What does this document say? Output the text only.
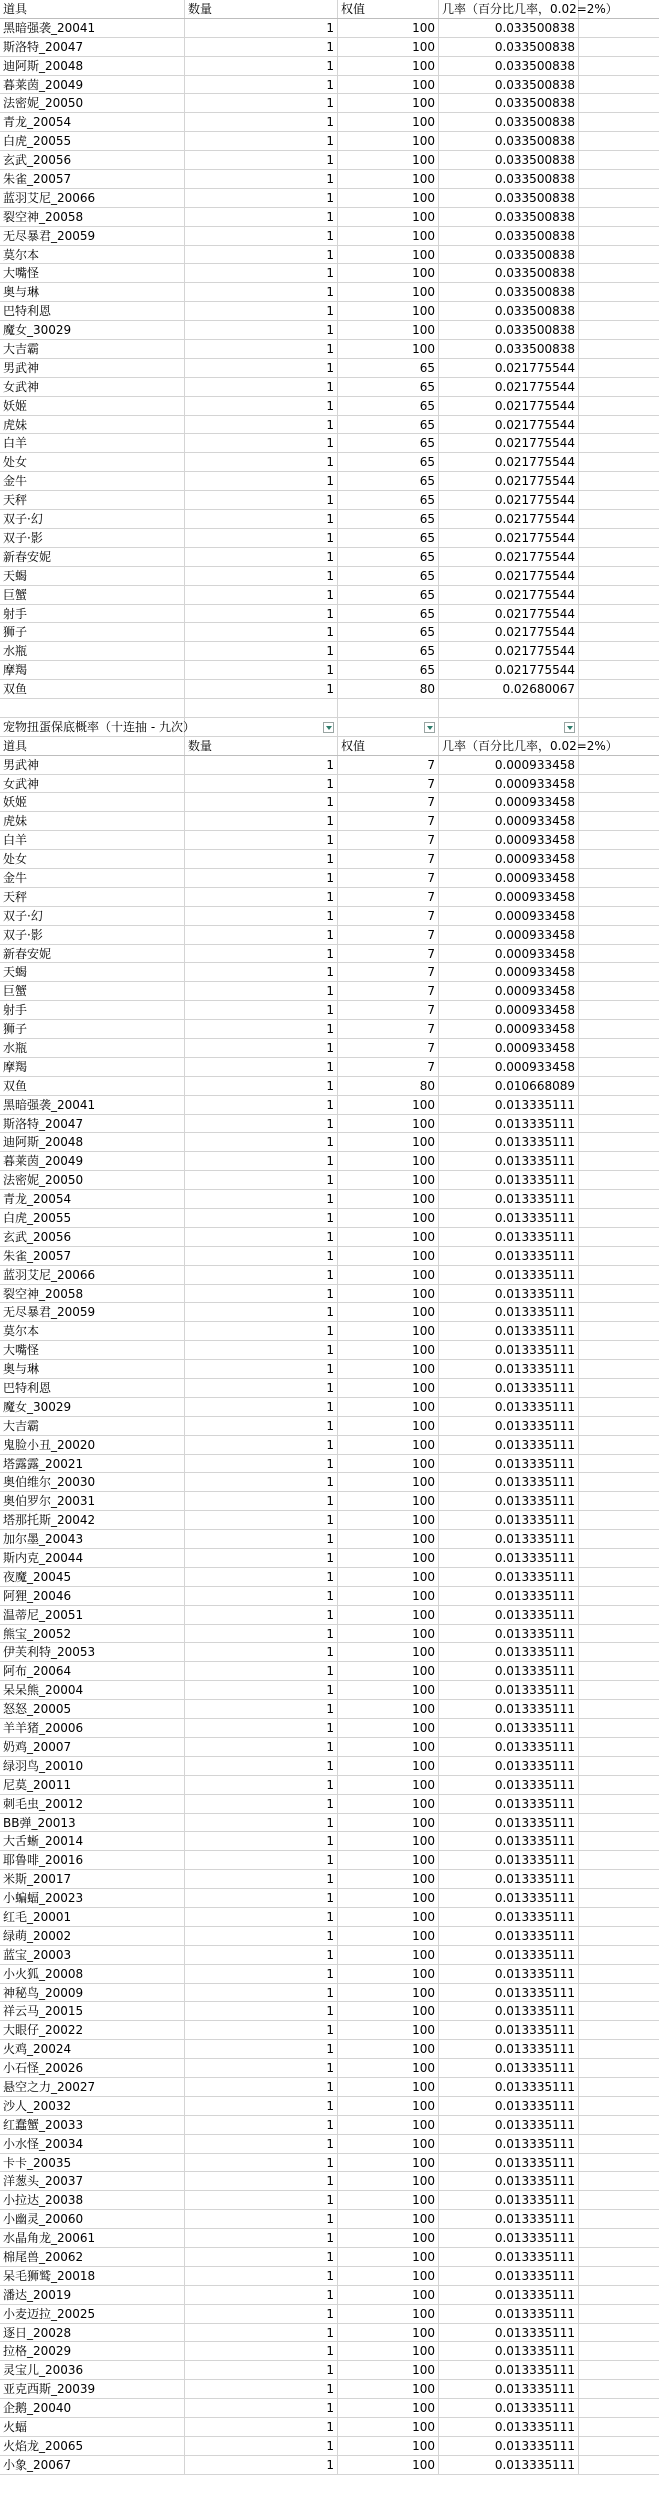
道具	数量	权值	几率（百分比几率，0.02=2%）
黑暗强袭_20041	1	100	0.033500838
斯洛特_20047	1	100	0.033500838
迪阿斯_20048	1	100	0.033500838
暮莱茵_20049	1	100	0.033500838
法密妮_20050	1	100	0.033500838
青龙_20054	1	100	0.033500838
白虎_20055	1	100	0.033500838
玄武_20056	1	100	0.033500838
朱雀_20057	1	100	0.033500838
蓝羽艾尼_20066	1	100	0.033500838
裂空神_20058	1	100	0.033500838
无尽暴君_20059	1	100	0.033500838
莫尔本	1	100	0.033500838
大嘴怪	1	100	0.033500838
奥与琳	1	100	0.033500838
巴特利恩	1	100	0.033500838
魔女_30029	1	100	0.033500838
大吉霸	1	100	0.033500838
男武神	1	65	0.021775544
女武神	1	65	0.021775544
妖姬	1	65	0.021775544
虎妹	1	65	0.021775544
白羊	1	65	0.021775544
处女	1	65	0.021775544
金牛	1	65	0.021775544
天秤	1	65	0.021775544
双子·幻	1	65	0.021775544
双子·影	1	65	0.021775544
新春安妮	1	65	0.021775544
天蝎	1	65	0.021775544
巨蟹	1	65	0.021775544
射手	1	65	0.021775544
狮子	1	65	0.021775544
水瓶	1	65	0.021775544
摩羯	1	65	0.021775544
双鱼	1	80	0.02680067
宠物扭蛋保底概率（十连抽 - 九次）
道具	数量	权值	几率（百分比几率，0.02=2%）
男武神	1	7	0.000933458
女武神	1	7	0.000933458
妖姬	1	7	0.000933458
虎妹	1	7	0.000933458
白羊	1	7	0.000933458
处女	1	7	0.000933458
金牛	1	7	0.000933458
天秤	1	7	0.000933458
双子·幻	1	7	0.000933458
双子·影	1	7	0.000933458
新春安妮	1	7	0.000933458
天蝎	1	7	0.000933458
巨蟹	1	7	0.000933458
射手	1	7	0.000933458
狮子	1	7	0.000933458
水瓶	1	7	0.000933458
摩羯	1	7	0.000933458
双鱼	1	80	0.010668089
黑暗强袭_20041	1	100	0.013335111
斯洛特_20047	1	100	0.013335111
迪阿斯_20048	1	100	0.013335111
暮莱茵_20049	1	100	0.013335111
法密妮_20050	1	100	0.013335111
青龙_20054	1	100	0.013335111
白虎_20055	1	100	0.013335111
玄武_20056	1	100	0.013335111
朱雀_20057	1	100	0.013335111
蓝羽艾尼_20066	1	100	0.013335111
裂空神_20058	1	100	0.013335111
无尽暴君_20059	1	100	0.013335111
莫尔本	1	100	0.013335111
大嘴怪	1	100	0.013335111
奥与琳	1	100	0.013335111
巴特利恩	1	100	0.013335111
魔女_30029	1	100	0.013335111
大吉霸	1	100	0.013335111
鬼脸小丑_20020	1	100	0.013335111
塔露露_20021	1	100	0.013335111
奥伯维尔_20030	1	100	0.013335111
奥伯罗尔_20031	1	100	0.013335111
塔那托斯_20042	1	100	0.013335111
加尔墨_20043	1	100	0.013335111
斯内克_20044	1	100	0.013335111
夜魔_20045	1	100	0.013335111
阿狸_20046	1	100	0.013335111
温蒂尼_20051	1	100	0.013335111
熊宝_20052	1	100	0.013335111
伊芙利特_20053	1	100	0.013335111
阿布_20064	1	100	0.013335111
呆呆熊_20004	1	100	0.013335111
怒怒_20005	1	100	0.013335111
羊羊猪_20006	1	100	0.013335111
奶鸡_20007	1	100	0.013335111
绿羽鸟_20010	1	100	0.013335111
尼莫_20011	1	100	0.013335111
刺毛虫_20012	1	100	0.013335111
BB弹_20013	1	100	0.013335111
大舌蜥_20014	1	100	0.013335111
耶鲁啡_20016	1	100	0.013335111
米斯_20017	1	100	0.013335111
小蝙蝠_20023	1	100	0.013335111
红毛_20001	1	100	0.013335111
绿萌_20002	1	100	0.013335111
蓝宝_20003	1	100	0.013335111
小火狐_20008	1	100	0.013335111
神秘鸟_20009	1	100	0.013335111
祥云马_20015	1	100	0.013335111
大眼仔_20022	1	100	0.013335111
火鸡_20024	1	100	0.013335111
小石怪_20026	1	100	0.013335111
悬空之力_20027	1	100	0.013335111
沙人_20032	1	100	0.013335111
红蠢蟹_20033	1	100	0.013335111
小水怪_20034	1	100	0.013335111
卡卡_20035	1	100	0.013335111
洋葱头_20037	1	100	0.013335111
小拉达_20038	1	100	0.013335111
小幽灵_20060	1	100	0.013335111
水晶角龙_20061	1	100	0.013335111
棉尾兽_20062	1	100	0.013335111
呆毛狮鹫_20018	1	100	0.013335111
潘达_20019	1	100	0.013335111
小麦迈拉_20025	1	100	0.013335111
逐日_20028	1	100	0.013335111
拉格_20029	1	100	0.013335111
灵宝儿_20036	1	100	0.013335111
亚克西斯_20039	1	100	0.013335111
企鹅_20040	1	100	0.013335111
火蝠	1	100	0.013335111
火焰龙_20065	1	100	0.013335111
小象_20067	1	100	0.013335111
